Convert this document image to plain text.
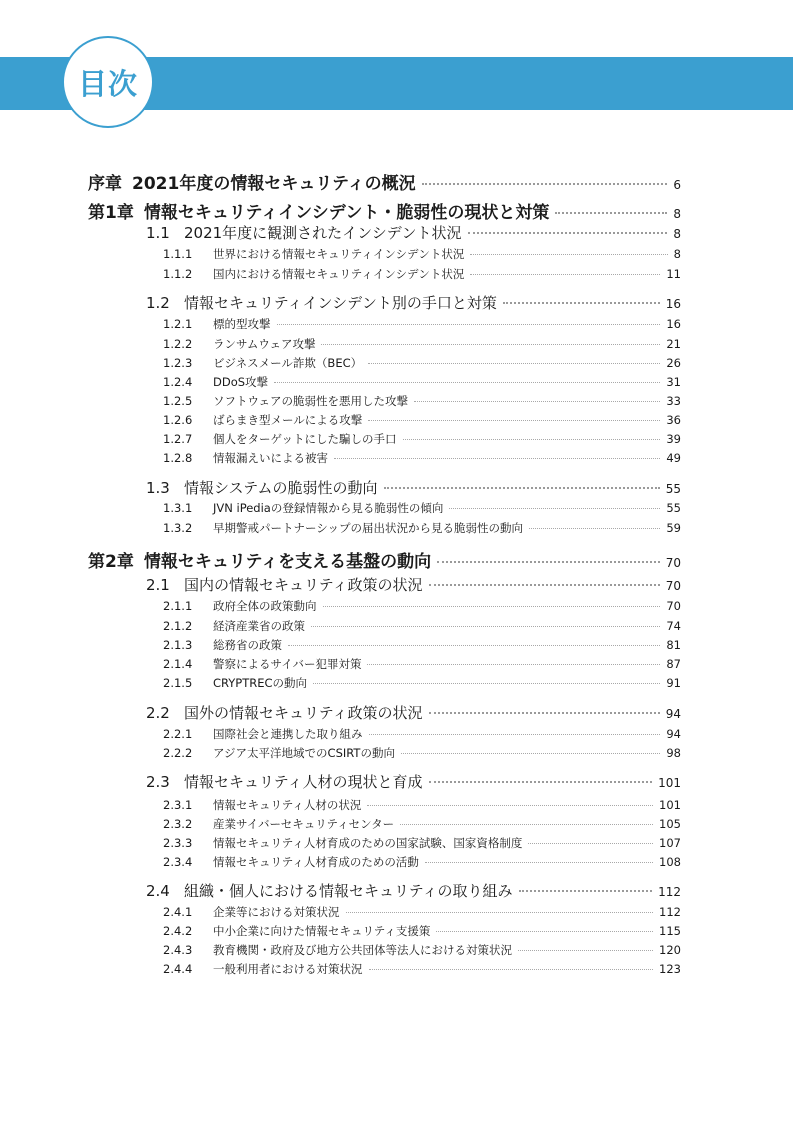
目次
序章 2021年度の情報セキュリティの概況	6
第1章 情報セキュリティインシデント・脆弱性の現状と対策	8
1.1 2021年度に観測されたインシデント状況	8
1.1.1	世界における情報セキュリティインシデント状況	8
1.1.2	国内における情報セキュリティインシデント状況	11
1.2 情報セキュリティインシデント別の手口と対策	16
1.2.1	標的型攻撃	16
1.2.2	ランサムウェア攻撃	21
1.2.3	ビジネスメール詐欺（BEC）	26
1.2.4	DDoS攻撃	31
1.2.5	ソフトウェアの脆弱性を悪用した攻撃	33
1.2.6	ばらまき型メールによる攻撃	36
1.2.7	個人をターゲットにした騙しの手口	39
1.2.8	情報漏えいによる被害	49
1.3 情報システムの脆弱性の動向	55
1.3.1	JVN iPediaの登録情報から見る脆弱性の傾向	55
1.3.2	早期警戒パートナーシップの届出状況から見る脆弱性の動向	59
第2章 情報セキュリティを支える基盤の動向	70
2.1 国内の情報セキュリティ政策の状況	70
2.1.1	政府全体の政策動向	70
2.1.2	経済産業省の政策	74
2.1.3	総務省の政策	81
2.1.4	警察によるサイバー犯罪対策	87
2.1.5	CRYPTRECの動向	91
2.2 国外の情報セキュリティ政策の状況	94
2.2.1	国際社会と連携した取り組み	94
2.2.2	アジア太平洋地域でのCSIRTの動向	98
2.3 情報セキュリティ人材の現状と育成	101
2.3.1	情報セキュリティ人材の状況	101
2.3.2	産業サイバーセキュリティセンター	105
2.3.3	情報セキュリティ人材育成のための国家試験、国家資格制度	107
2.3.4	情報セキュリティ人材育成のための活動	108
2.4 組織・個人における情報セキュリティの取り組み	112
2.4.1	企業等における対策状況	112
2.4.2	中小企業に向けた情報セキュリティ支援策	115
2.4.3	教育機関・政府及び地方公共団体等法人における対策状況	120
2.4.4	一般利用者における対策状況	123
